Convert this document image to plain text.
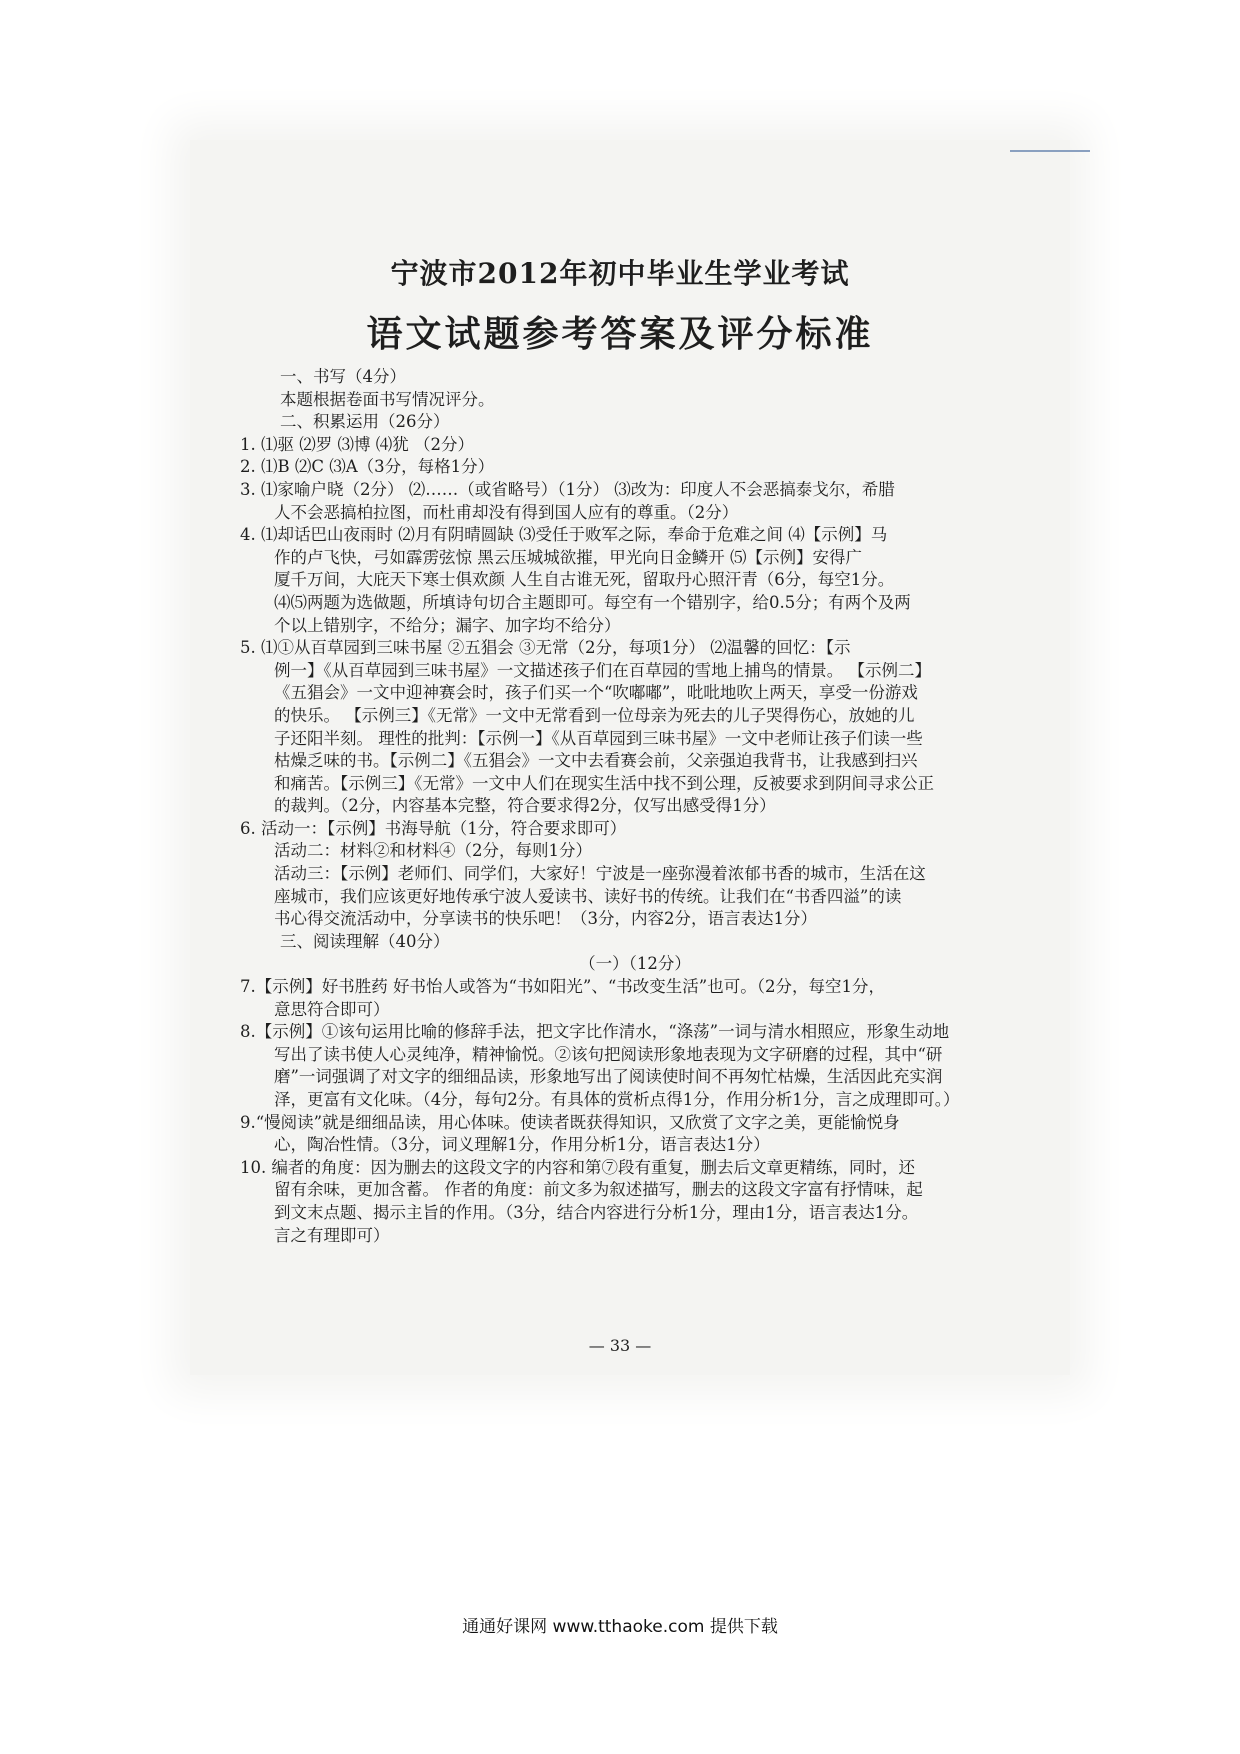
宁波市2012年初中毕业生学业考试
语文试题参考答案及评分标准
一、书写（4分）
本题根据卷面书写情况评分。
二、积累运用（26分）
1. ⑴驱 ⑵罗 ⑶博 ⑷犹 （2分）
2. ⑴B ⑵C ⑶A（3分，每格1分）
3. ⑴家喻户晓（2分） ⑵……（或省略号）（1分） ⑶改为：印度人不会恶搞泰戈尔，希腊
人不会恶搞柏拉图，而杜甫却没有得到国人应有的尊重。（2分）
4. ⑴却话巴山夜雨时 ⑵月有阴晴圆缺 ⑶受任于败军之际，奉命于危难之间 ⑷【示例】马
作的卢飞快，弓如霹雳弦惊 黑云压城城欲摧，甲光向日金鳞开 ⑸【示例】安得广
厦千万间，大庇天下寒士俱欢颜 人生自古谁无死，留取丹心照汗青（6分，每空1分。
⑷⑸两题为选做题，所填诗句切合主题即可。每空有一个错别字，给0.5分；有两个及两
个以上错别字，不给分；漏字、加字均不给分）
5. ⑴①从百草园到三味书屋 ②五猖会 ③无常（2分，每项1分） ⑵温馨的回忆：【示
例一】《从百草园到三味书屋》一文描述孩子们在百草园的雪地上捕鸟的情景。 【示例二】
《五猖会》一文中迎神赛会时，孩子们买一个“吹嘟嘟”，吡吡地吹上两天，享受一份游戏
的快乐。 【示例三】《无常》一文中无常看到一位母亲为死去的儿子哭得伤心，放她的儿
子还阳半刻。 理性的批判：【示例一】《从百草园到三味书屋》一文中老师让孩子们读一些
枯燥乏味的书。【示例二】《五猖会》一文中去看赛会前，父亲强迫我背书，让我感到扫兴
和痛苦。【示例三】《无常》一文中人们在现实生活中找不到公理，反被要求到阴间寻求公正
的裁判。（2分，内容基本完整，符合要求得2分，仅写出感受得1分）
6. 活动一：【示例】书海导航（1分，符合要求即可）
活动二：材料②和材料④（2分，每则1分）
活动三：【示例】老师们、同学们，大家好！宁波是一座弥漫着浓郁书香的城市，生活在这
座城市，我们应该更好地传承宁波人爱读书、读好书的传统。让我们在“书香四溢”的读
书心得交流活动中，分享读书的快乐吧！（3分，内容2分，语言表达1分）
三、阅读理解（40分）
（一）（12分）
7.【示例】好书胜药 好书怡人或答为“书如阳光”、“书改变生活”也可。（2分，每空1分，
意思符合即可）
8.【示例】①该句运用比喻的修辞手法，把文字比作清水，“涤荡”一词与清水相照应，形象生动地
写出了读书使人心灵纯净，精神愉悦。②该句把阅读形象地表现为文字研磨的过程，其中“研
磨”一词强调了对文字的细细品读，形象地写出了阅读使时间不再匆忙枯燥，生活因此充实润
泽，更富有文化味。（4分，每句2分。有具体的赏析点得1分，作用分析1分，言之成理即可。）
9.“慢阅读”就是细细品读，用心体味。使读者既获得知识，又欣赏了文字之美，更能愉悦身
心，陶冶性情。（3分，词义理解1分，作用分析1分，语言表达1分）
10. 编者的角度：因为删去的这段文字的内容和第⑦段有重复，删去后文章更精练，同时，还
留有余味，更加含蓄。 作者的角度：前文多为叙述描写，删去的这段文字富有抒情味，起
到文末点题、揭示主旨的作用。（3分，结合内容进行分析1分，理由1分，语言表达1分。
言之有理即可）
— 33 —
通通好课网 www.tthaoke.com 提供下载
